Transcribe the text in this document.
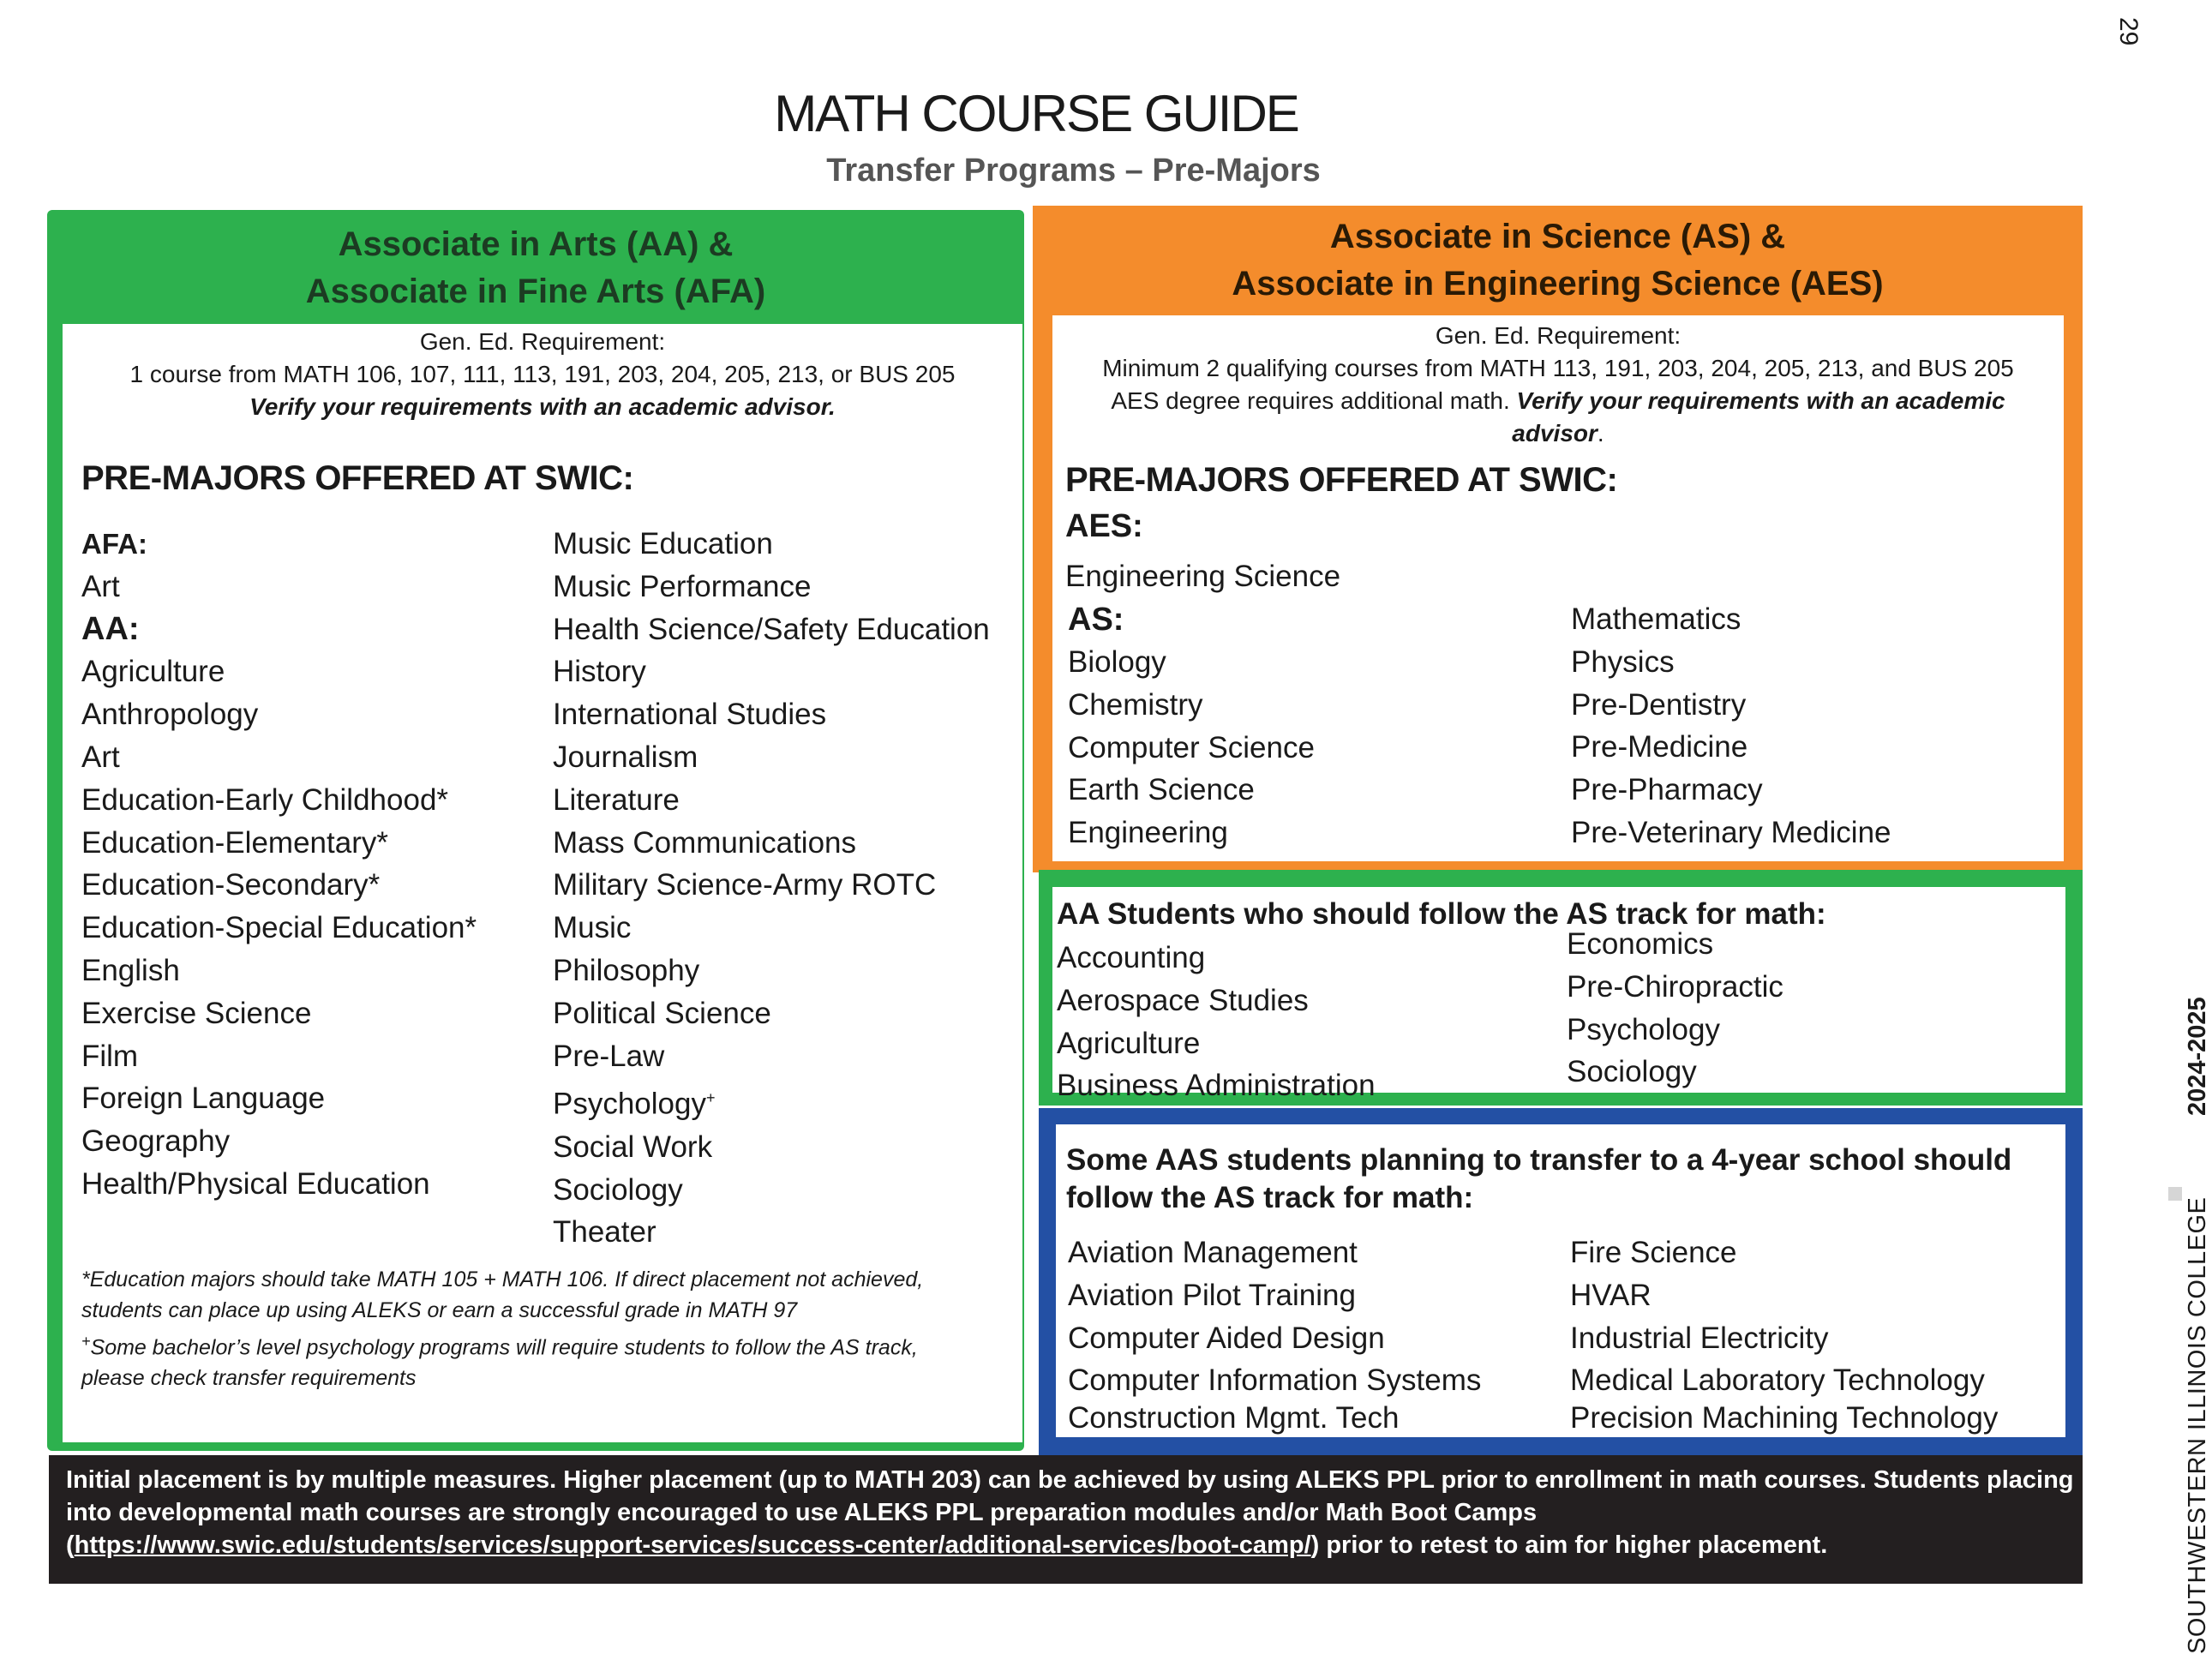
29
MATH COURSE GUIDE
Transfer Programs – Pre-Majors
Associate in Arts (AA) &
Associate in Fine Arts (AFA)
Gen. Ed. Requirement:
1 course from MATH 106, 107, 111, 113, 191, 203, 204, 205, 213, or BUS 205
Verify your requirements with an academic advisor.
PRE-MAJORS OFFERED AT SWIC:
AFA:
Art
AA:
Agriculture
Anthropology
Art
Education-Early Childhood*
Education-Elementary*
Education-Secondary*
Education-Special Education*
English
Exercise Science
Film
Foreign Language
Geography
Health/Physical Education
Music Education
Music Performance
Health Science/Safety Education
History
International Studies
Journalism
Literature
Mass Communications
Military Science-Army ROTC
Music
Philosophy
Political Science
Pre-Law
Psychology+
Social Work
Sociology
Theater
*Education majors should take MATH 105 + MATH 106. If direct placement not achieved,
students can place up using ALEKS or earn a successful grade in MATH 97
+Some bachelor’s level psychology programs will require students to follow the AS track,
please check transfer requirements
Associate in Science (AS) &
Associate in Engineering Science (AES)
Gen. Ed. Requirement:
Minimum 2 qualifying courses from MATH 113, 191, 203, 204, 205, 213, and BUS 205
AES degree requires additional math. Verify your requirements with an academic
advisor.
PRE-MAJORS OFFERED AT SWIC:
AES:
Engineering Science
AS:
Biology
Chemistry
Computer Science
Earth Science
Engineering
Mathematics
Physics
Pre-Dentistry
Pre-Medicine
Pre-Pharmacy
Pre-Veterinary Medicine
AA Students who should follow the AS track for math:
Accounting
Aerospace Studies
Agriculture
Business Administration
Economics
Pre-Chiropractic
Psychology
Sociology
Some AAS students planning to transfer to a 4-year school should
follow the AS track for math:
Aviation Management
Aviation Pilot Training
Computer Aided Design
Computer Information Systems
Construction Mgmt. Tech
Fire Science
HVAR
Industrial Electricity
Medical Laboratory Technology
Precision Machining Technology
Initial placement is by multiple measures. Higher placement (up to MATH 203) can be achieved by using ALEKS PPL prior to enrollment in math courses. Students placing
into developmental math courses are strongly encouraged to use ALEKS PPL preparation modules and/or Math Boot Camps
(https://www.swic.edu/students/services/support-services/success-center/additional-services/boot-camp/) prior to retest to aim for higher placement.	SOUTHWESTERN ILLINOIS COLLEGE
2024-2025
